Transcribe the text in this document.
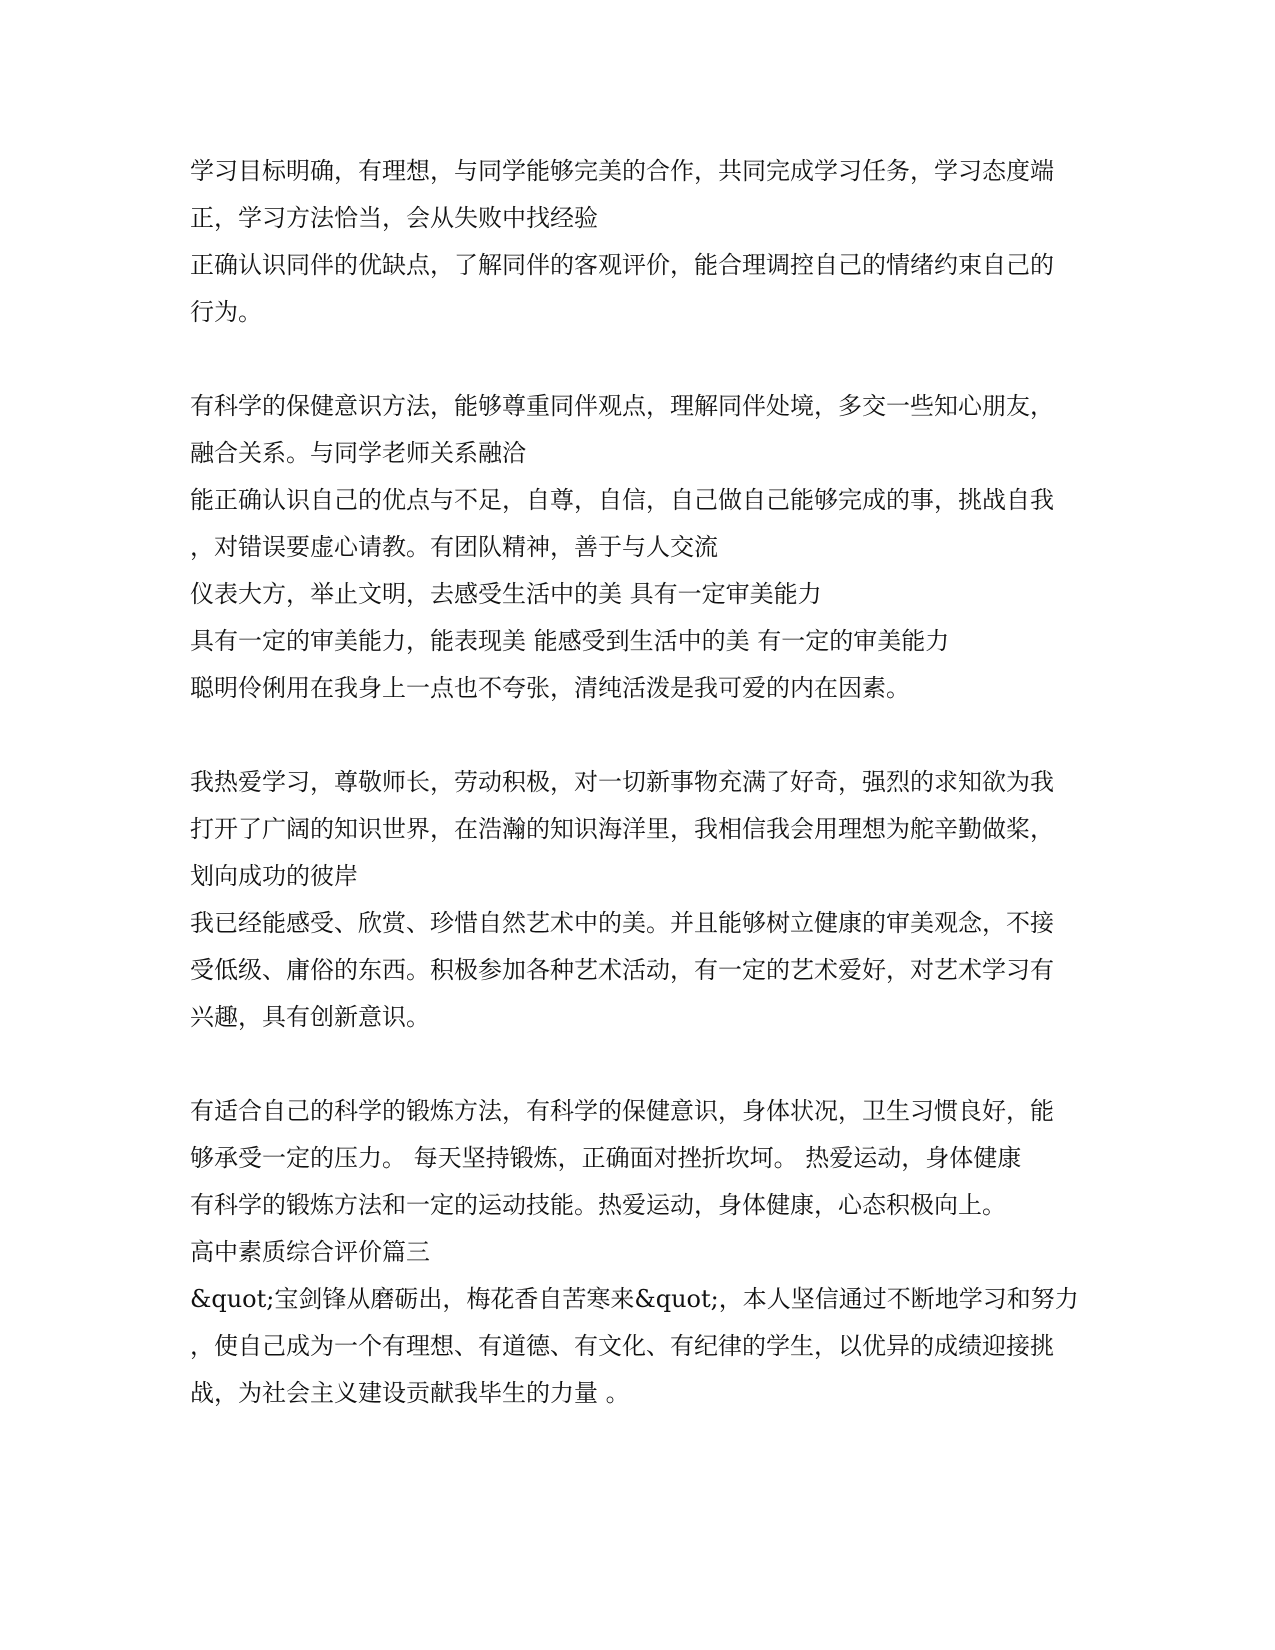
学习目标明确，有理想，与同学能够完美的合作，共同完成学习任务，学习态度端

正，学习方法恰当，会从失败中找经验

正确认识同伴的优缺点，了解同伴的客观评价，能合理调控自己的情绪约束自己的

行为。

有科学的保健意识方法，能够尊重同伴观点，理解同伴处境，多交一些知心朋友，

融合关系。与同学老师关系融洽

能正确认识自己的优点与不足，自尊，自信，自己做自己能够完成的事，挑战自我

，对错误要虚心请教。有团队精神，善于与人交流

仪表大方，举止文明，去感受生活中的美 具有一定审美能力

具有一定的审美能力，能表现美 能感受到生活中的美 有一定的审美能力

聪明伶俐用在我身上一点也不夸张，清纯活泼是我可爱的内在因素。

我热爱学习，尊敬师长，劳动积极，对一切新事物充满了好奇，强烈的求知欲为我

打开了广阔的知识世界，在浩瀚的知识海洋里，我相信我会用理想为舵辛勤做桨，

划向成功的彼岸

我已经能感受、欣赏、珍惜自然艺术中的美。并且能够树立健康的审美观念，不接

受低级、庸俗的东西。积极参加各种艺术活动，有一定的艺术爱好，对艺术学习有

兴趣，具有创新意识。

有适合自己的科学的锻炼方法，有科学的保健意识，身体状况，卫生习惯良好，能

够承受一定的压力。 每天坚持锻炼，正确面对挫折坎坷。 热爱运动，身体健康

有科学的锻炼方法和一定的运动技能。热爱运动，身体健康，心态积极向上。

高中素质综合评价篇三

&quot;宝剑锋从磨砺出，梅花香自苦寒来&quot;，本人坚信通过不断地学习和努力

，使自己成为一个有理想、有道德、有文化、有纪律的学生，以优异的成绩迎接挑

战，为社会主义建设贡献我毕生的力量 。
